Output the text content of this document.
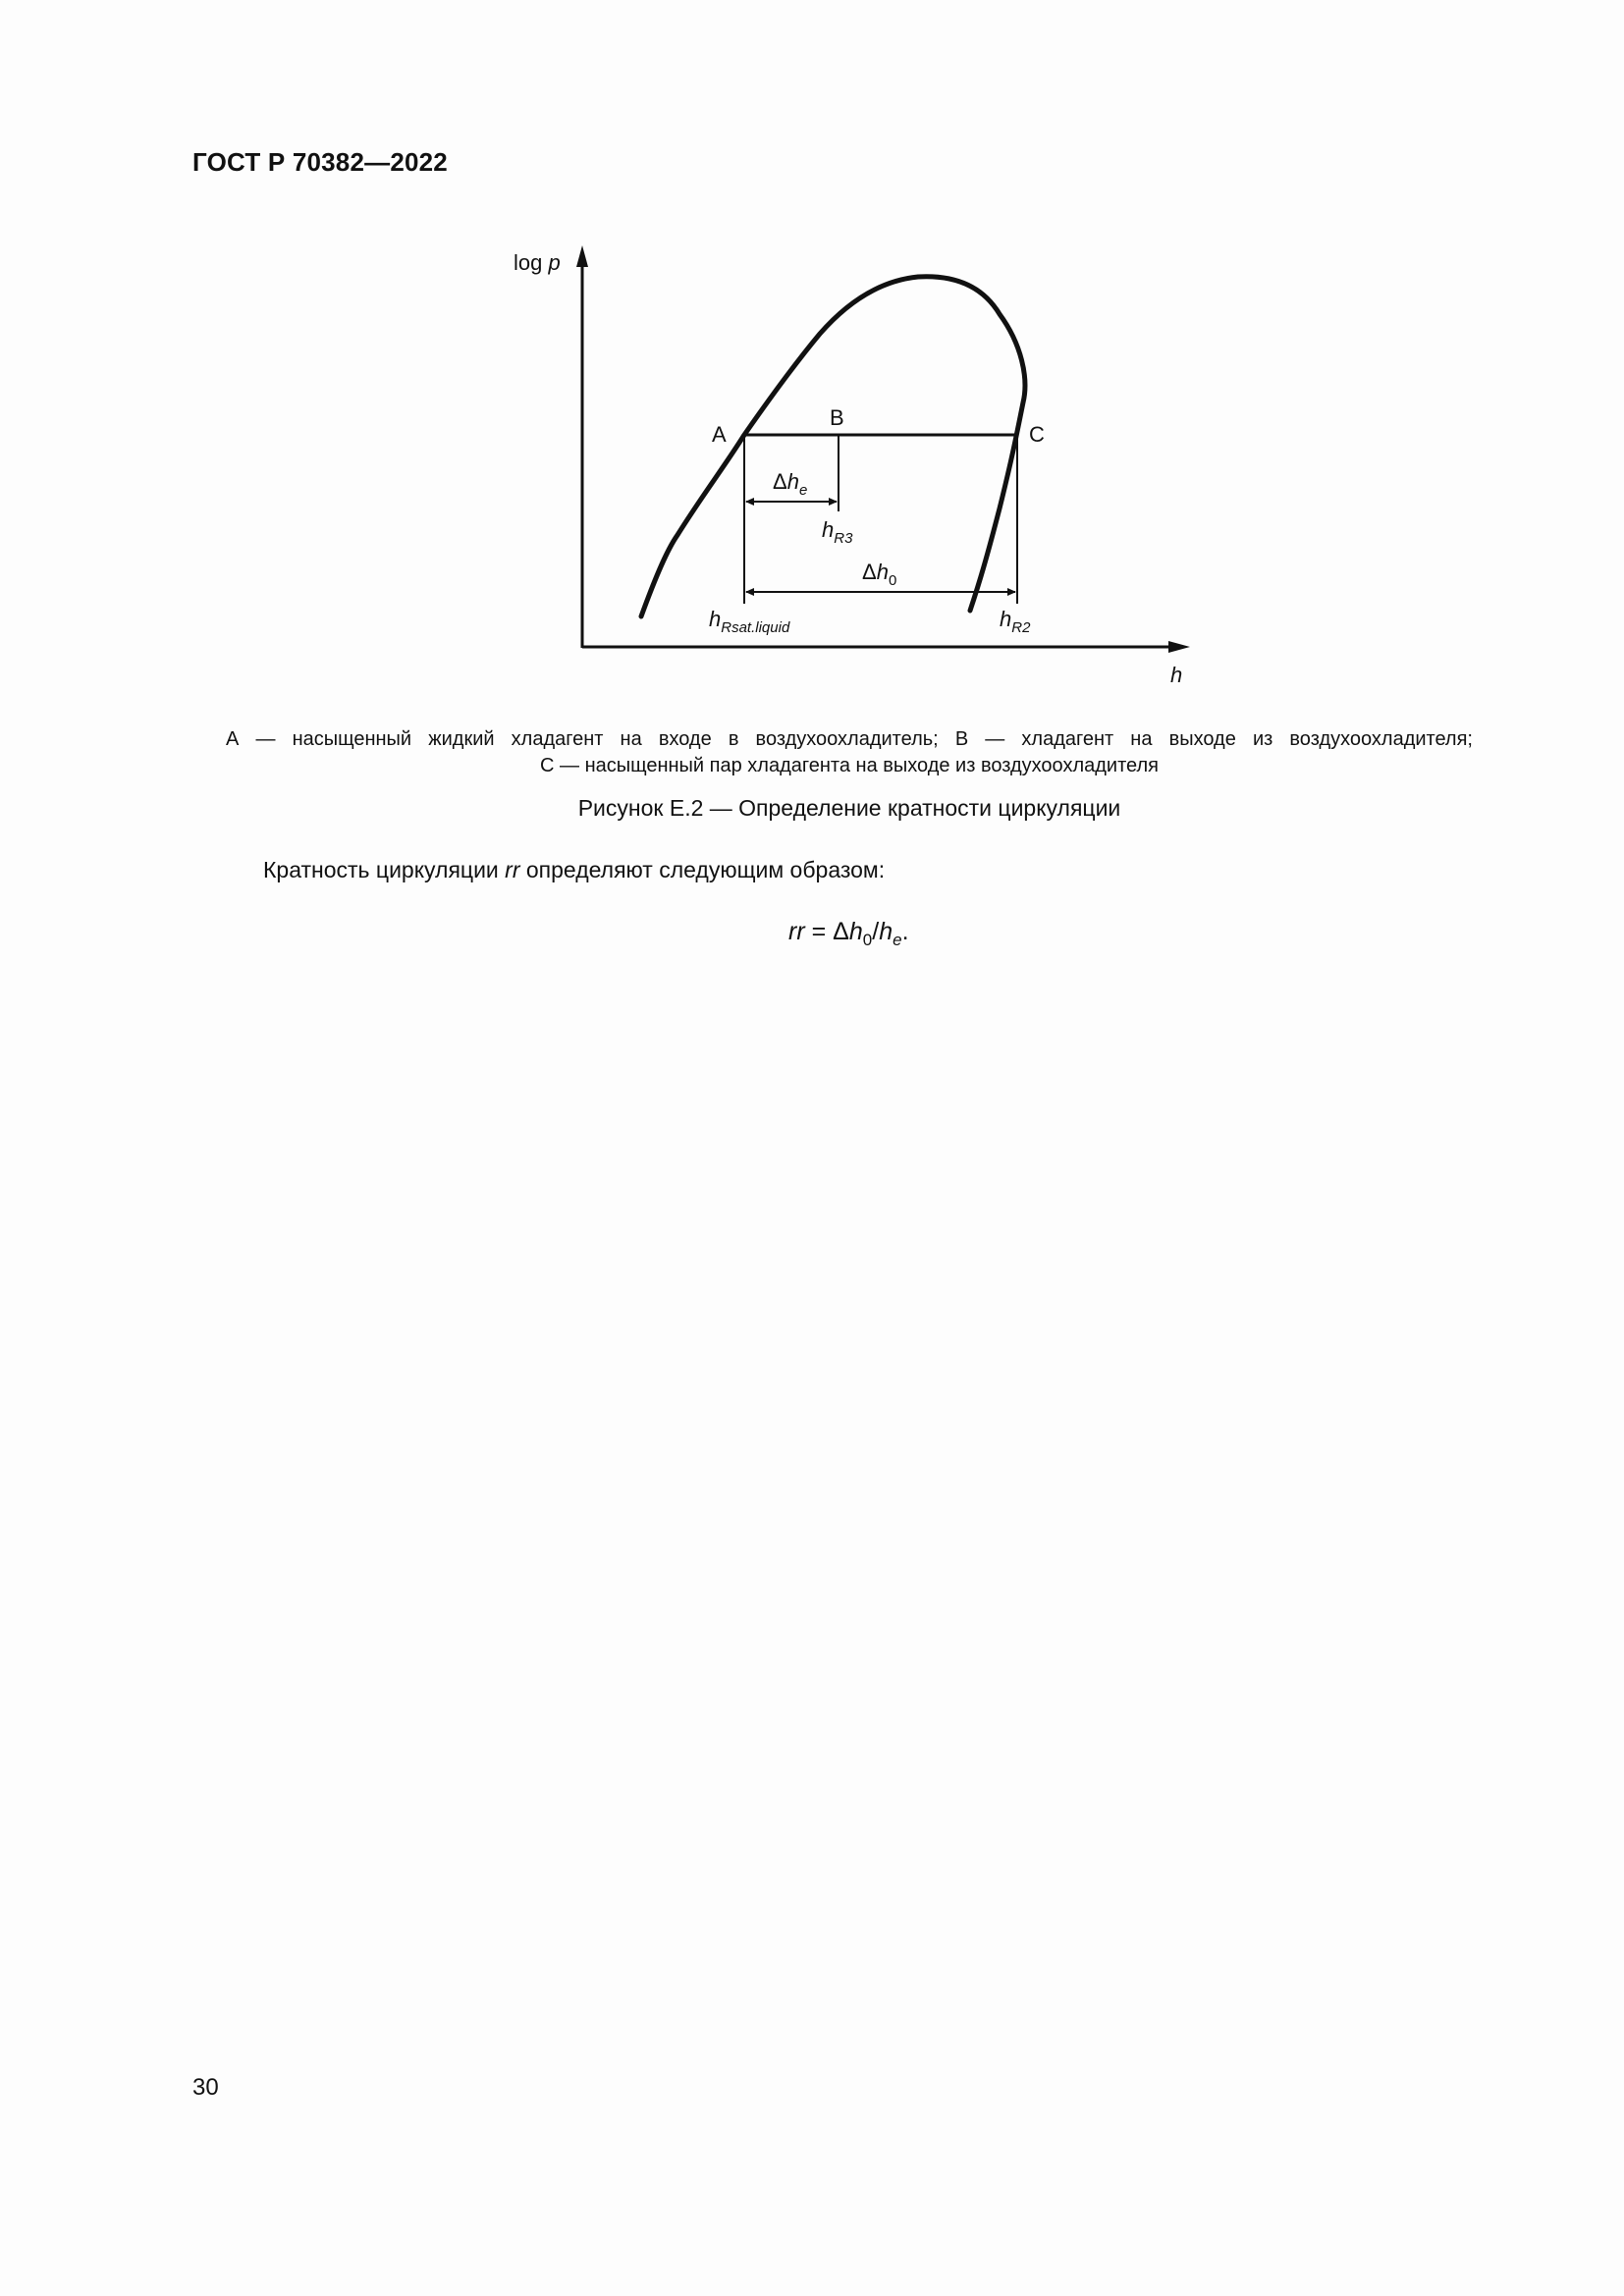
ГОСТ Р 70382—2022
log p
h
A
B
C
$\Delta h_e$
$h_{R3}$
$\Delta h_0$
$h_{Rsat.liquid}$	$h_{R2}$
А — насыщенный жидкий хладагент на входе в воздухоохладитель; В — хладагент на выходе из воздухоохладителя;
С — насыщенный пар хладагента на выходе из воздухоохладителя
Рисунок Е.2 — Определение кратности циркуляции
Кратность циркуляции rr определяют следующим образом:
rr = $\Delta h_0/h_e$.
30
